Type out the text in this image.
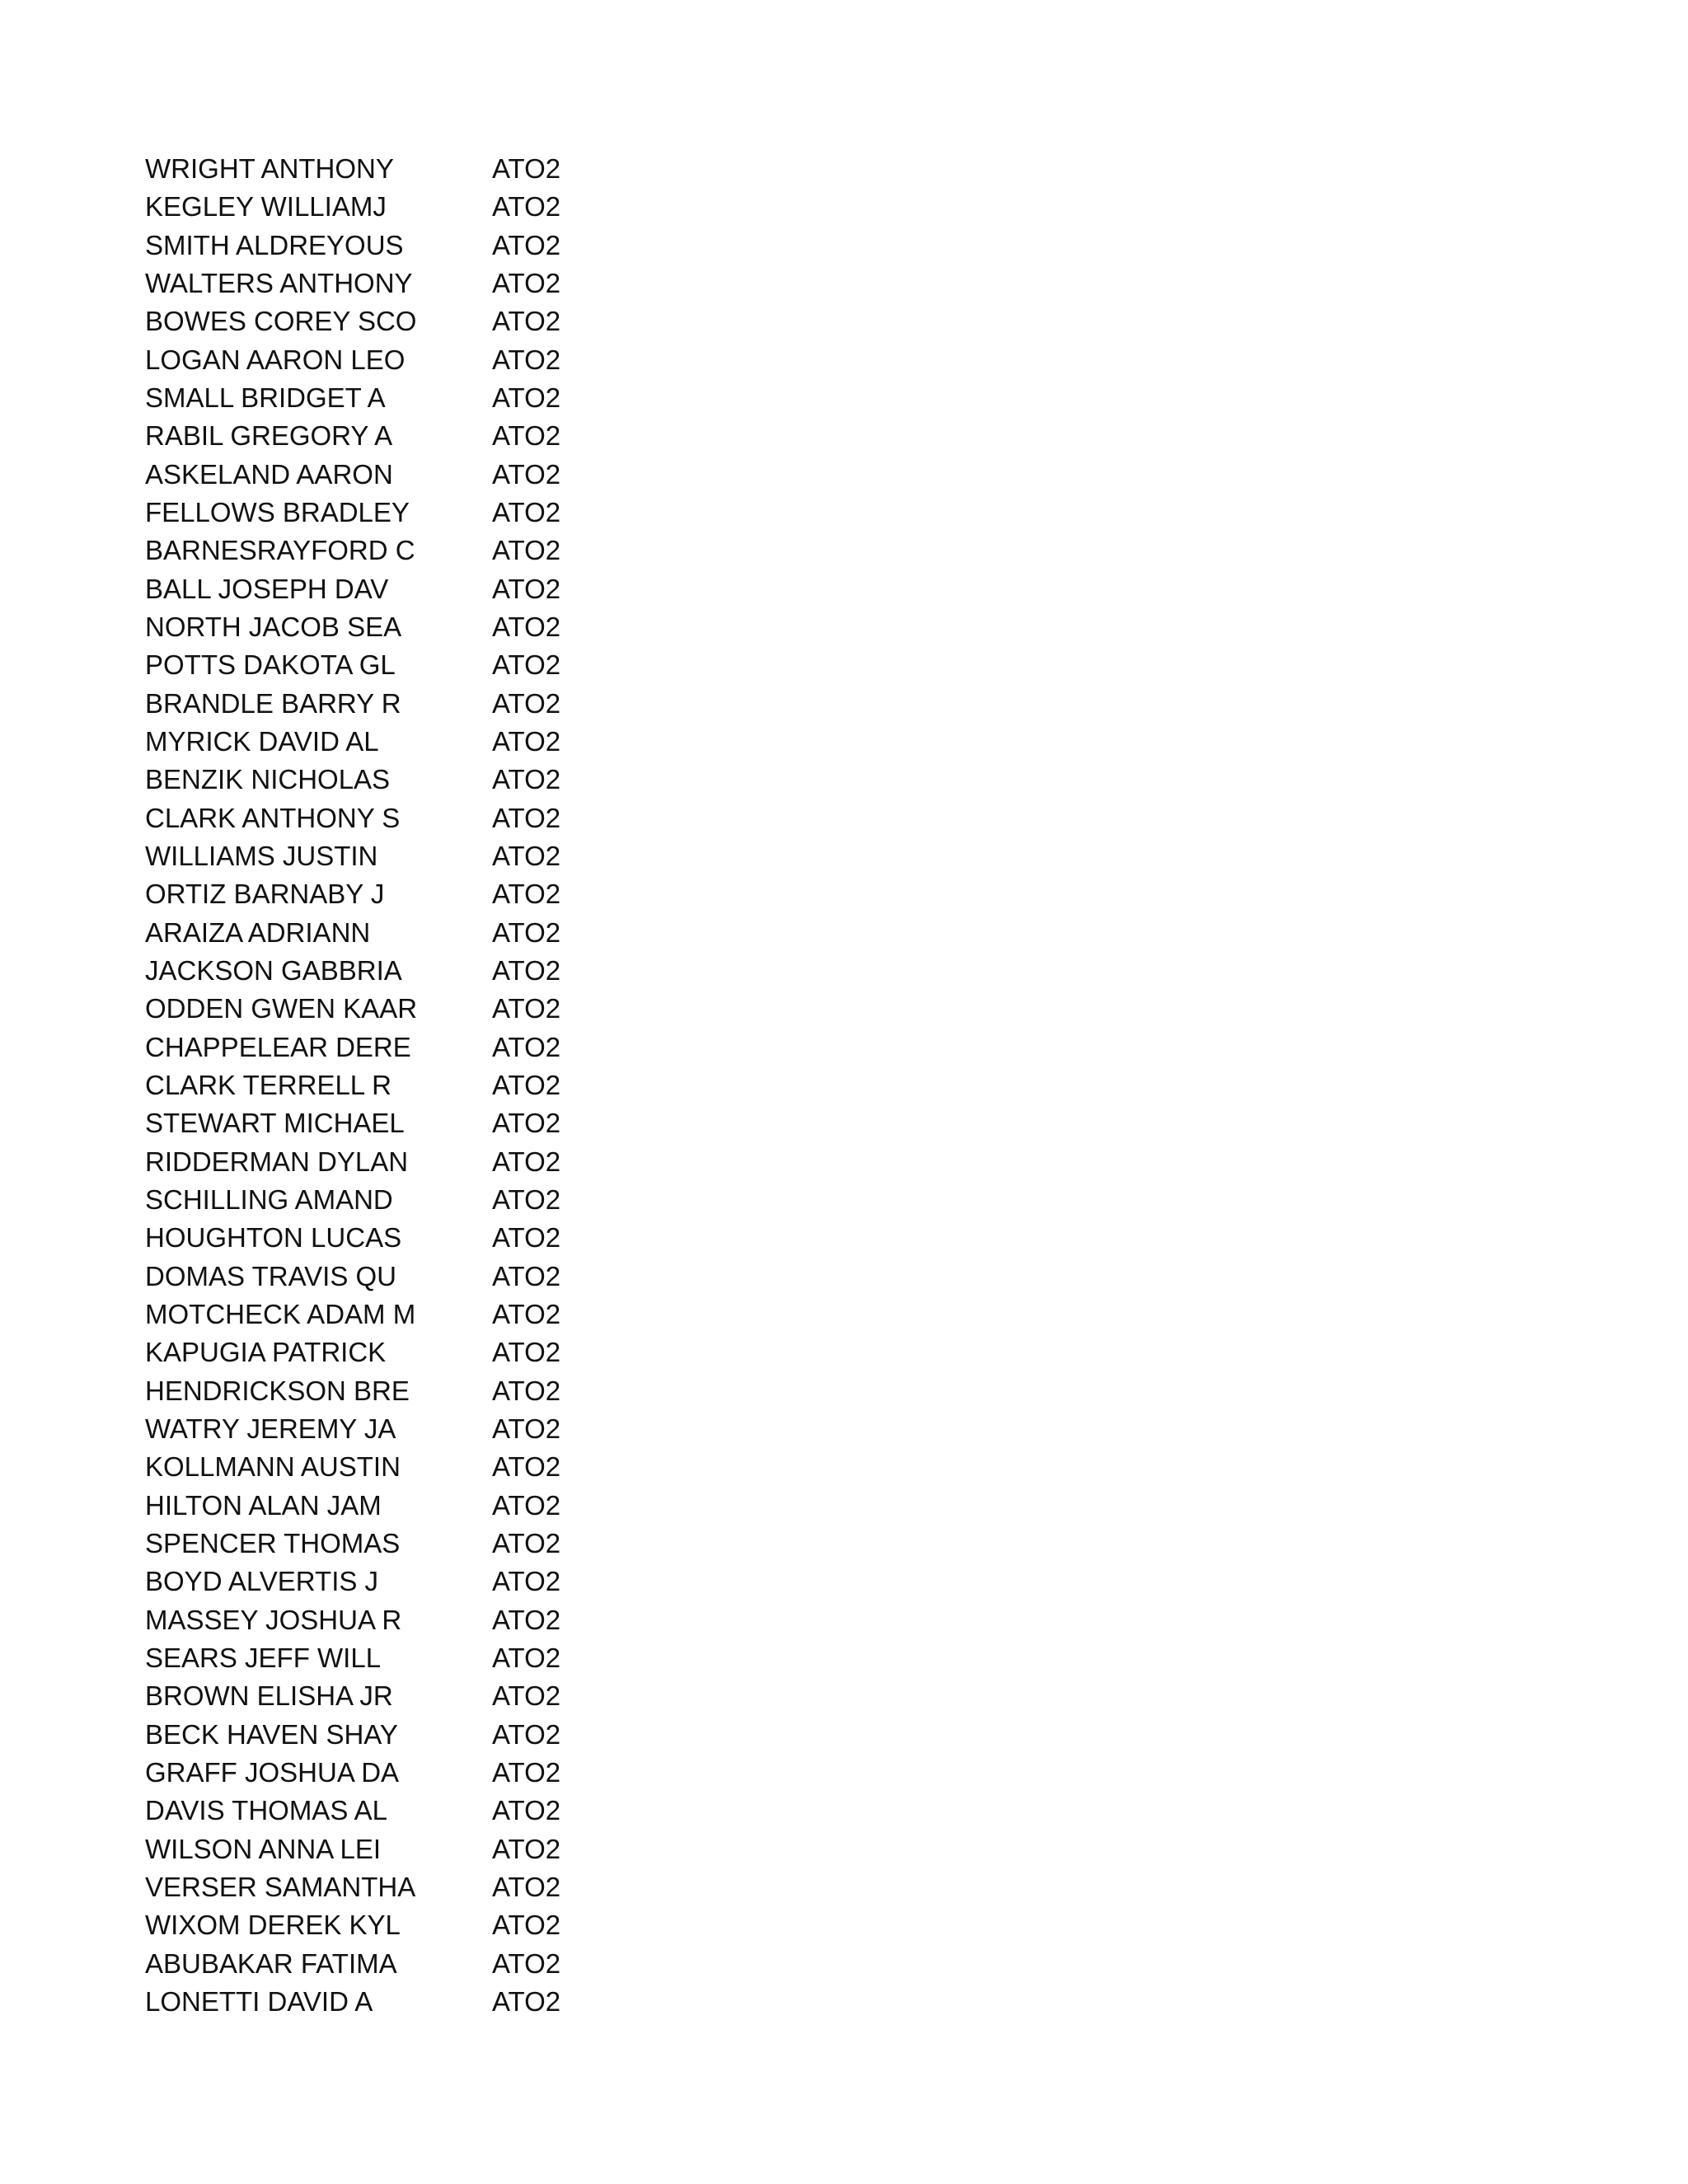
WRIGHT ANTHONY	ATO2
KEGLEY WILLIAMJ	ATO2
SMITH ALDREYOUS	ATO2
WALTERS ANTHONY	ATO2
BOWES COREY SCO	ATO2
LOGAN AARON LEO	ATO2
SMALL BRIDGET A	ATO2
RABIL GREGORY A	ATO2
ASKELAND AARON	ATO2
FELLOWS BRADLEY	ATO2
BARNESRAYFORD C	ATO2
BALL JOSEPH DAV	ATO2
NORTH JACOB SEA	ATO2
POTTS DAKOTA GL	ATO2
BRANDLE BARRY R	ATO2
MYRICK DAVID AL	ATO2
BENZIK NICHOLAS	ATO2
CLARK ANTHONY S	ATO2
WILLIAMS JUSTIN	ATO2
ORTIZ BARNABY J	ATO2
ARAIZA ADRIANN	ATO2
JACKSON GABBRIA	ATO2
ODDEN GWEN KAAR	ATO2
CHAPPELEAR DERE	ATO2
CLARK TERRELL R	ATO2
STEWART MICHAEL	ATO2
RIDDERMAN DYLAN	ATO2
SCHILLING AMAND	ATO2
HOUGHTON LUCAS	ATO2
DOMAS TRAVIS QU	ATO2
MOTCHECK ADAM M	ATO2
KAPUGIA PATRICK	ATO2
HENDRICKSON BRE	ATO2
WATRY JEREMY JA	ATO2
KOLLMANN AUSTIN	ATO2
HILTON ALAN JAM	ATO2
SPENCER THOMAS	ATO2
BOYD ALVERTIS J	ATO2
MASSEY JOSHUA R	ATO2
SEARS JEFF WILL	ATO2
BROWN ELISHA JR	ATO2
BECK HAVEN SHAY	ATO2
GRAFF JOSHUA DA	ATO2
DAVIS THOMAS AL	ATO2
WILSON ANNA LEI	ATO2
VERSER SAMANTHA	ATO2
WIXOM DEREK KYL	ATO2
ABUBAKAR FATIMA	ATO2
LONETTI DAVID A	ATO2
